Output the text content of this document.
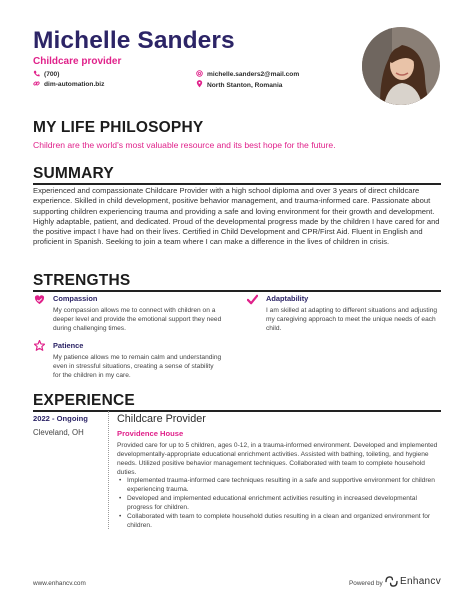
Michelle Sanders
Childcare provider
(700)
dim-automation.biz
michelle.sanders2@mail.com
North Stanton, Romania
MY LIFE PHILOSOPHY
Children are the world's most valuable resource and its best hope for the future.
SUMMARY
Experienced and compassionate Childcare Provider with a high school diploma and over 3 years of direct childcare experience. Skilled in child development, positive behavior management, and trauma-informed care. Passionate about supporting children experiencing trauma and providing a safe and loving environment for their growth and development. Highly adaptable, patient, and dedicated. Proud of the developmental progress made by the children I have cared for and the positive impact I have had on their lives. Certified in Child Development and CPR/First Aid. Fluent in English and proficient in Spanish. Seeking to join a team where I can make a difference in the lives of children in crisis.
STRENGTHS
Compassion
My compassion allows me to connect with children on a deeper level and provide the emotional support they need during challenging times.
Adaptability
I am skilled at adapting to different situations and adjusting my caregiving approach to meet the unique needs of each child.
Patience
My patience allows me to remain calm and understanding even in stressful situations, creating a sense of stability for the children in my care.
EXPERIENCE
2022 - Ongoing
Cleveland, OH
Childcare Provider
Providence House
Provided care for up to 5 children, ages 0-12, in a trauma-informed environment. Developed and implemented developmentally-appropriate educational enrichment activities. Assisted with bathing, toileting, and hygiene needs. Utilized positive behavior management techniques. Collaborated with team to complete household duties.
• Implemented trauma-informed care techniques resulting in a safe and supportive environment for children experiencing trauma.
• Developed and implemented educational enrichment activities resulting in increased developmental progress for children.
• Collaborated with team to complete household duties resulting in a clean and organized environment for children.
www.enhancv.com	Powered by Enhancv
